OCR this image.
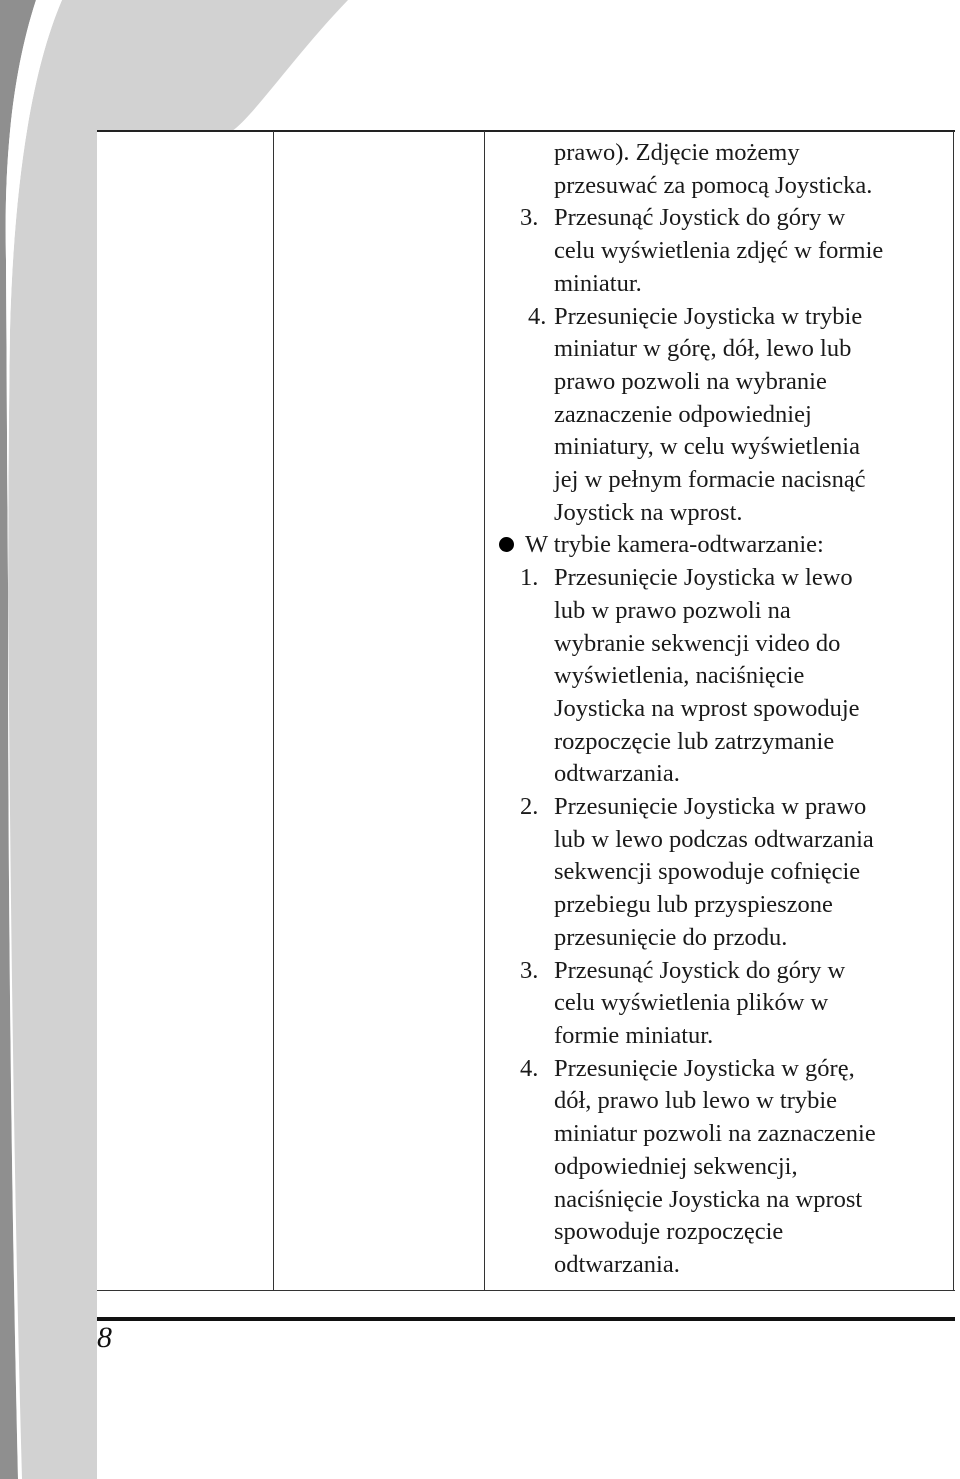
8

prawo). Zdjęcie możemy

przesuwać za pomocą Joysticka.

3. Przesunąć Joystick do góry w

celu wyświetlenia zdjęć w formie

miniatur.

4. Przesunięcie Joysticka w trybie

miniatur w górę, dół, lewo lub

prawo pozwoli na wybranie

zaznaczenie odpowiedniej

miniatury, w celu wyświetlenia

jej w pełnym formacie nacisnąć

Joystick na wprost.

W trybie kamera-odtwarzanie:

1. Przesunięcie Joysticka w lewo

lub w prawo pozwoli na

wybranie sekwencji video do

wyświetlenia, naciśnięcie

Joysticka na wprost spowoduje

rozpoczęcie lub zatrzymanie

odtwarzania.

2. Przesunięcie Joysticka w prawo

lub w lewo podczas odtwarzania

sekwencji spowoduje cofnięcie

przebiegu lub przyspieszone

przesunięcie do przodu.

3. Przesunąć Joystick do góry w

celu wyświetlenia plików w

formie miniatur.

4. Przesunięcie Joysticka w górę,

dół, prawo lub lewo w trybie

miniatur pozwoli na zaznaczenie

odpowiedniej sekwencji,

naciśnięcie Joysticka na wprost

spowoduje rozpoczęcie

odtwarzania.
